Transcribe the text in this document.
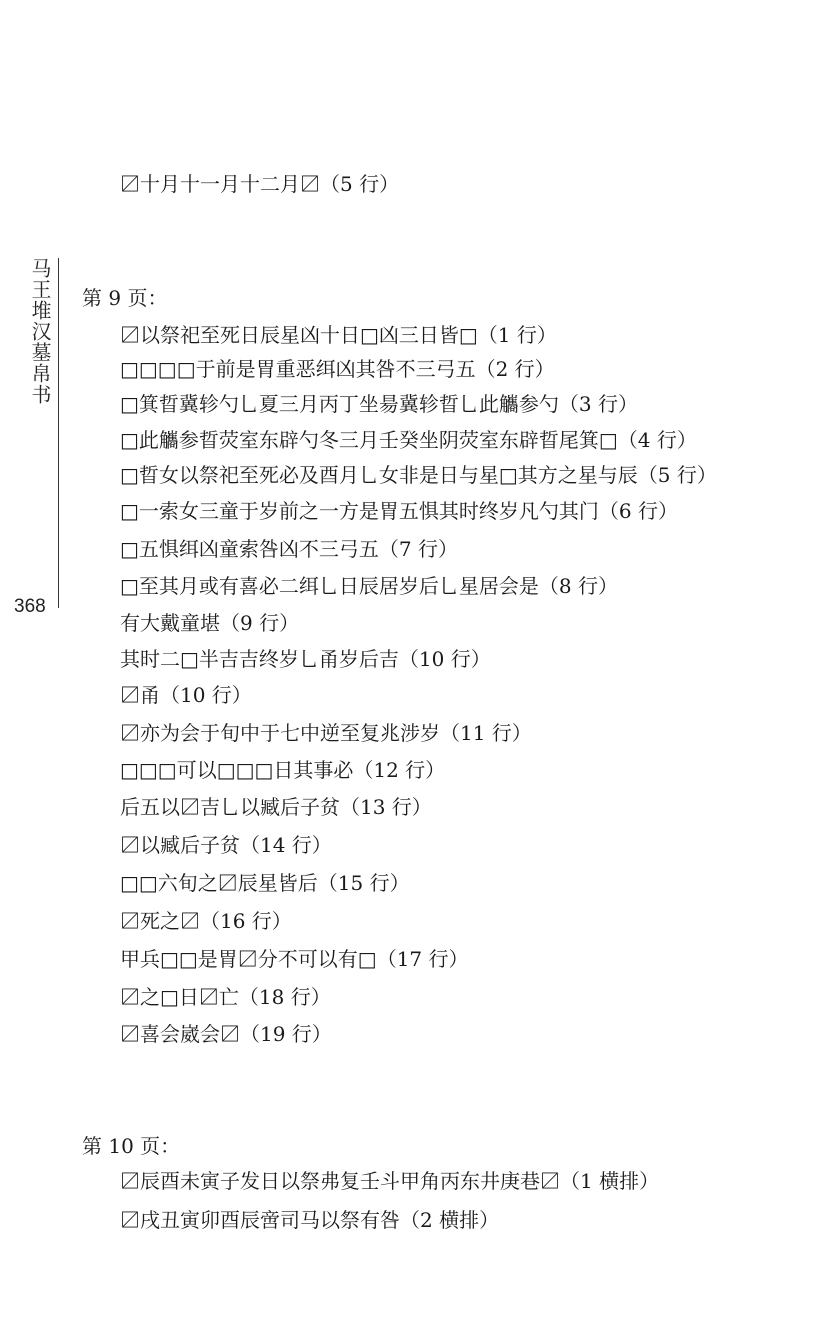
马王堆汉墓帛书
368
〼十月十一月十二月〼（5 行）
第 9 页：
〼以祭祀至死日辰星凶十日□凶三日皆□（1 行）
□□□□于前是胃重恶䌺凶其咎不三弓五（2 行）
□箕晢冀轸勺乚夏三月丙丁坐昜冀轸晢乚此觿参勺（3 行）
□此觿参晢荧室东辟勺冬三月壬癸坐阴荧室东辟晢尾箕□（4 行）
□晢女以祭祀至死必及酉月乚女非是日与星□其方之星与辰（5 行）
□一索女三童于岁前之一方是胃五惧其时终岁凡勺其门（6 行）
□五惧䌺凶童索咎凶不三弓五（7 行）
□至其月或有喜必二䌺乚日辰居岁后乚星居会是（8 行）
有大戴童堪（9 行）
其时二□半吉吉终岁乚甬岁后吉（10 行）
〼甬（10 行）
〼亦为会于旬中于七中逆至复兆涉岁（11 行）
□□□可以□□□日其事必（12 行）
后五以〼吉乚以臧后子贫（13 行）
〼以臧后子贫（14 行）
□□六旬之〼辰星皆后（15 行）
〼死之〼（16 行）
甲兵□□是胃〼分不可以有□（17 行）
〼之□日〼亡（18 行）
〼喜会崴会〼（19 行）
第 10 页：
〼辰酉未寅子发日以祭弗复壬斗甲角丙东井庚巷〼（1 横排）
〼戌丑寅卯酉辰啻司马以祭有咎（2 横排）
